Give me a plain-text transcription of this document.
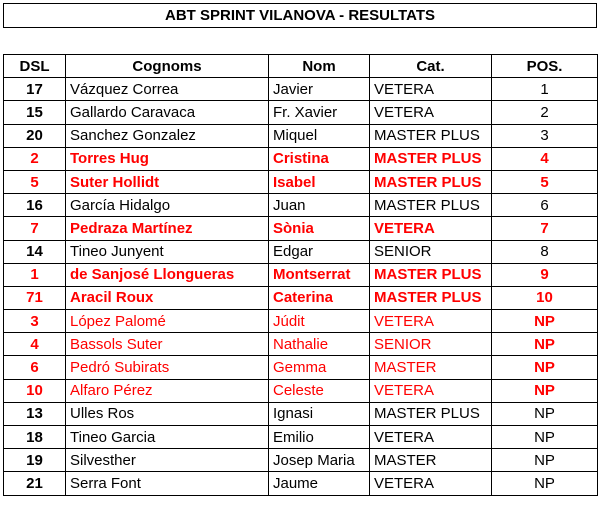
ABT SPRINT VILANOVA - RESULTATS
DSL	Cognoms	Nom	Cat.	POS.
17	Vázquez Correa	Javier	VETERA	1
15	Gallardo Caravaca	Fr. Xavier	VETERA	2
20	Sanchez Gonzalez	Miquel	MASTER PLUS	3
2	Torres Hug	Cristina	MASTER PLUS	4
5	Suter Hollidt	Isabel	MASTER PLUS	5
16	García Hidalgo	Juan	MASTER PLUS	6
7	Pedraza Martínez	Sònia	VETERA	7
14	Tineo Junyent	Edgar	SENIOR	8
1	de Sanjosé Llongueras	Montserrat	MASTER PLUS	9
71	Aracil Roux	Caterina	MASTER PLUS	10
3	López Palomé	Júdit	VETERA	NP
4	Bassols Suter	Nathalie	SENIOR	NP
6	Pedró Subirats	Gemma	MASTER	NP
10	Alfaro Pérez	Celeste	VETERA	NP
13	Ulles Ros	Ignasi	MASTER PLUS	NP
18	Tineo Garcia	Emilio	VETERA	NP
19	Silvesther	Josep Maria	MASTER	NP
21	Serra Font	Jaume	VETERA	NP
